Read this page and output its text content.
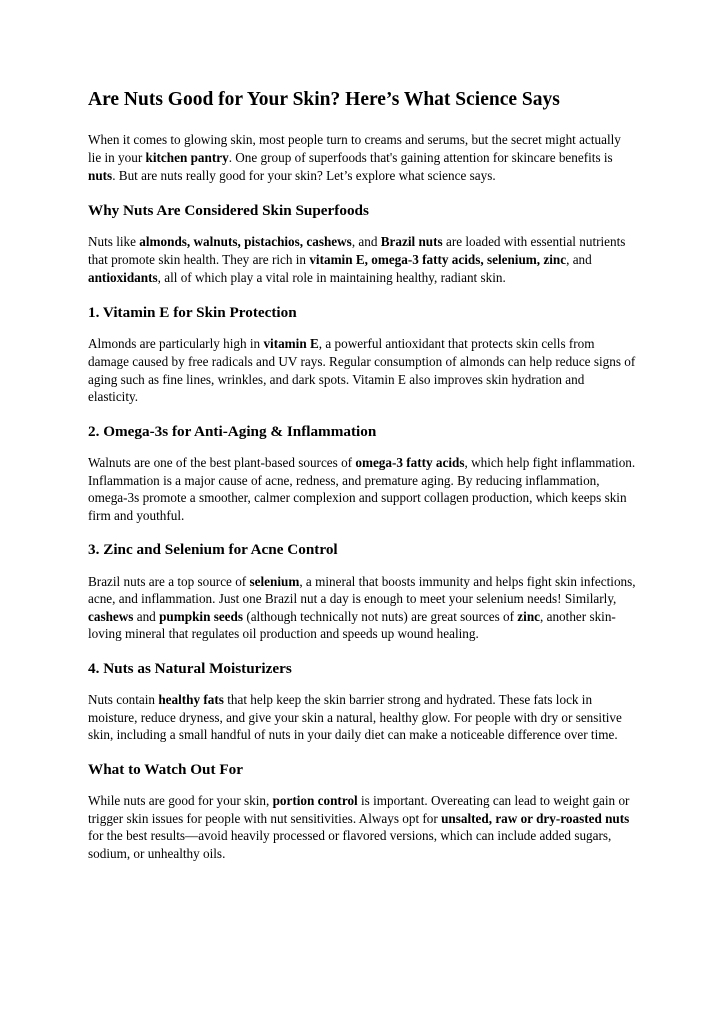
Are Nuts Good for Your Skin? Here’s What Science Says

When it comes to glowing skin, most people turn to creams and serums, but the secret might actually lie in your kitchen pantry. One group of superfoods that's gaining attention for skincare benefits is nuts. But are nuts really good for your skin? Let’s explore what science says.

Why Nuts Are Considered Skin Superfoods

Nuts like almonds, walnuts, pistachios, cashews, and Brazil nuts are loaded with essential nutrients that promote skin health. They are rich in vitamin E, omega-3 fatty acids, selenium, zinc, and antioxidants, all of which play a vital role in maintaining healthy, radiant skin.

1. Vitamin E for Skin Protection

Almonds are particularly high in vitamin E, a powerful antioxidant that protects skin cells from damage caused by free radicals and UV rays. Regular consumption of almonds can help reduce signs of aging such as fine lines, wrinkles, and dark spots. Vitamin E also improves skin hydration and elasticity.

2. Omega-3s for Anti-Aging & Inflammation

Walnuts are one of the best plant-based sources of omega-3 fatty acids, which help fight inflammation. Inflammation is a major cause of acne, redness, and premature aging. By reducing inflammation, omega-3s promote a smoother, calmer complexion and support collagen production, which keeps skin firm and youthful.

3. Zinc and Selenium for Acne Control

Brazil nuts are a top source of selenium, a mineral that boosts immunity and helps fight skin infections, acne, and inflammation. Just one Brazil nut a day is enough to meet your selenium needs! Similarly, cashews and pumpkin seeds (although technically not nuts) are great sources of zinc, another skin-loving mineral that regulates oil production and speeds up wound healing.

4. Nuts as Natural Moisturizers

Nuts contain healthy fats that help keep the skin barrier strong and hydrated. These fats lock in moisture, reduce dryness, and give your skin a natural, healthy glow. For people with dry or sensitive skin, including a small handful of nuts in your daily diet can make a noticeable difference over time.

What to Watch Out For

While nuts are good for your skin, portion control is important. Overeating can lead to weight gain or trigger skin issues for people with nut sensitivities. Always opt for unsalted, raw or dry-roasted nuts for the best results—avoid heavily processed or flavored versions, which can include added sugars, sodium, or unhealthy oils.
